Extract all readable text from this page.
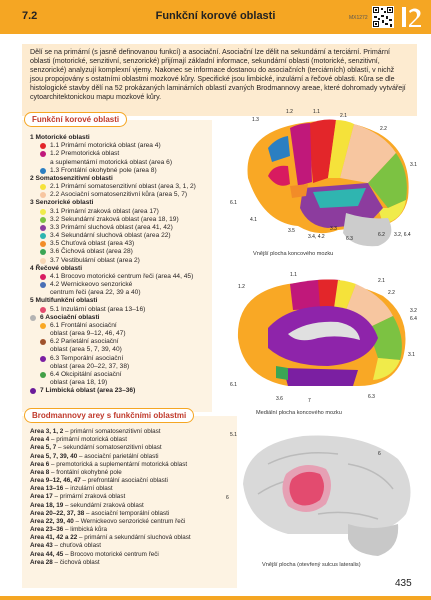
7.2	Funkční korové oblasti	MX1272
Dělí se na primární (s jasně definovanou funkcí) a asociační. Asociační lze dělit na sekundární a terciární. Primární oblasti (motorické, senzitivní, senzorické) přijímají základní informace, sekundární oblasti (motorické, senzitivní, senzorické) analyzují komplexní vjemy. Nakonec se informace dostanou do asociačních (terciárních) oblastí, v nichž jsou propojovány s ostatními oblastmi mozkové kůry. Specifické jsou limbické, inzulární a řečové oblasti. Kůra se dle histologické stavby dělí na 52 prokázaných laminárních oblastí zvaných Brodmannovy areae, které dohromady vytvářejí cytoarchitektonickou mapu mozkové kůry.
Funkční korové oblasti
1 Motorické oblasti
1.1 Primární motorická oblast (area 4)
1.2 Premotorická oblast
a suplementární motorická oblast (area 6)
1.3 Frontální okohybné pole (area 8)
2 Somatosenzitivní oblasti
2.1 Primární somatosenzitivní oblast (area 3, 1, 2)
2.2 Asociační somatosenzitivní kůra (area 5, 7)
3 Senzorické oblasti
3.1 Primární zraková oblast (area 17)
3.2 Sekundární zraková oblast (area 18, 19)
3.3 Primární sluchová oblast (area 41, 42)
3.4 Sekundární sluchová oblast (area 22)
3.5 Chuťová oblast (area 43)
3.6 Čichová oblast (area 28)
3.7 Vestibulární oblast (area 2)
4 Řečové oblasti
4.1 Brocovo motorické centrum řeči (area 44, 45)
4.2 Wernickeovo senzorické
centrum řeči (area 22, 39 a 40)
5 Multifunkční oblasti
5.1 Inzulární oblast (area 13–16)
6 Asociační oblasti
6.1 Frontální asociační
oblast (area 9–12, 46, 47)
6.2 Parietální asociační
oblast (area 5, 7, 39, 40)
6.3 Temporální asociační
oblast (area 20–22, 37, 38)
6.4 Okcipitální asociační
oblast (area 18, 19)
7 Limbická oblast (area 23–36)
Brodmannovy arey s funkčními oblastmi
Area 3, 1, 2 – primární somatosenzitivní oblast
Area 4 – primární motorická oblast
Area 5, 7 – sekundární somatosenzitivní oblast
Area 5, 7, 39, 40 – asociační parietální oblasti
Area 6 – premotorická a suplementární motorická oblast
Area 8 – frontální okohybné pole
Area 9–12, 46, 47 – prefrontální asociační oblasti
Area 13–16 – inzulární oblast
Area 17 – primární zraková oblast
Area 18, 19 – sekundární zraková oblast
Area 20–22, 37, 38 – asociační temporální oblasti
Area 22, 39, 40 – Wernickeovo senzorické centrum řeči
Area 23–36 – limbická kůra
Area 41, 42 a 22 – primární a sekundární sluchová oblast
Area 43 – chuťová oblast
Area 44, 45 – Brocovo motorické centrum řeči
Area 28 – čichová oblast
1.3
1.2	1.1
2.1
2.2
3.1
6.1
4.1
3.5
3.4, 4.2
3.3
6.3
6.2 3.2, 6.4
Vnější plocha koncového mozku
1.1
1.2
2.1
2.2
3.2
6.4
3.1
6.1
7
3.6	6.3
Mediální plocha koncového mozku
5.1
6
6
Vnější plocha (otevřený sulcus lateralis)
435
